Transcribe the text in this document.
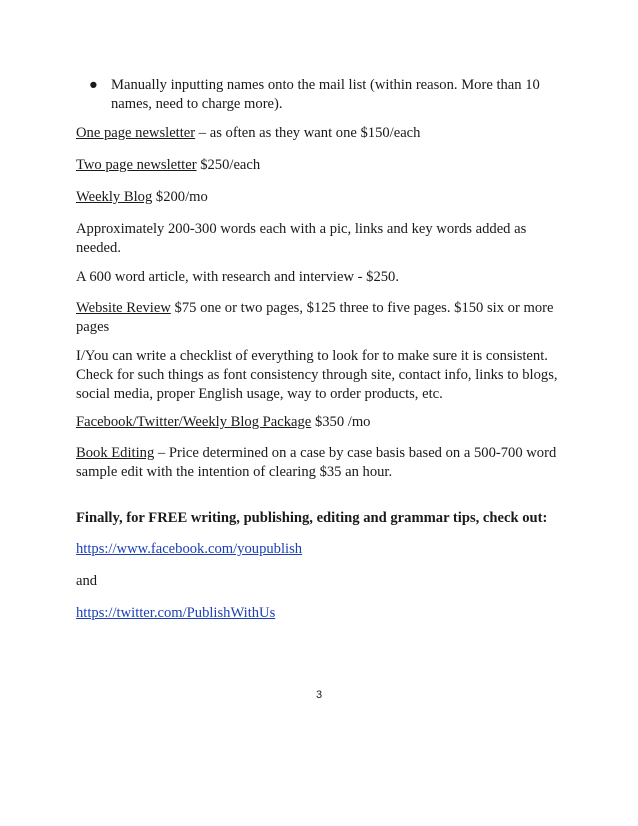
● Manually inputting names onto the mail list (within reason. More than 10 names, need to charge more).

One page newsletter – as often as they want one $150/each

Two page newsletter $250/each

Weekly Blog $200/mo

Approximately 200-300 words each with a pic, links and key words added as needed.

A 600 word article, with research and interview - $250.

Website Review $75 one or two pages, $125 three to five pages. $150 six or more pages

I/You can write a checklist of everything to look for to make sure it is consistent. Check for such things as font consistency through site, contact info, links to blogs, social media, proper English usage, way to order products, etc.

Facebook/Twitter/Weekly Blog Package $350 /mo

Book Editing – Price determined on a case by case basis based on a 500-700 word sample edit with the intention of clearing $35 an hour.

Finally, for FREE writing, publishing, editing and grammar tips, check out:

https://www.facebook.com/youpublish

and

https://twitter.com/PublishWithUs

3
